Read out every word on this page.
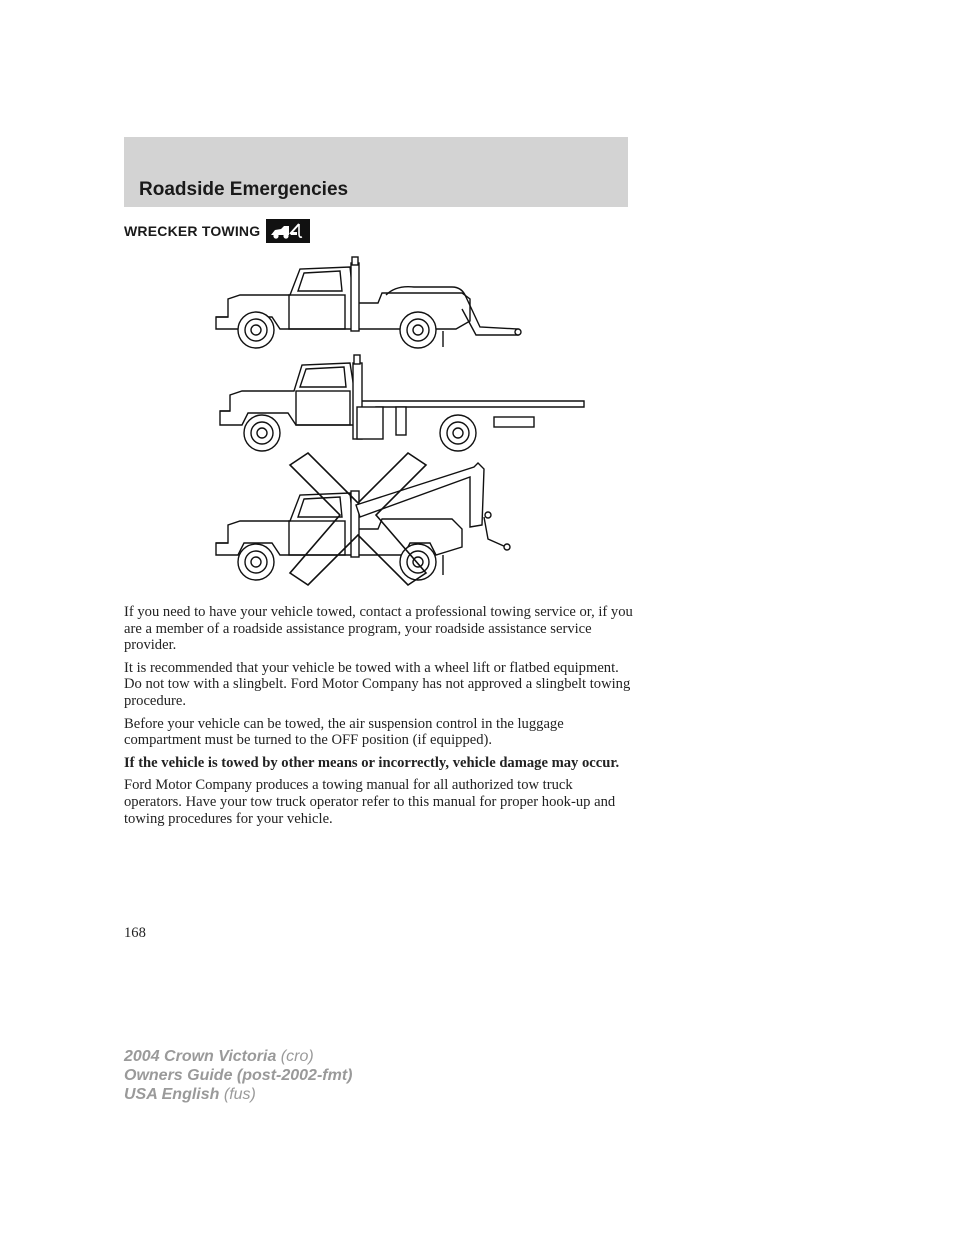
Roadside Emergencies
WRECKER TOWING

If you need to have your vehicle towed, contact a professional towing service or, if you are a member of a roadside assistance program, your roadside assistance service provider.

It is recommended that your vehicle be towed with a wheel lift or flatbed equipment. Do not tow with a slingbelt. Ford Motor Company has not approved a slingbelt towing procedure.

Before your vehicle can be towed, the air suspension control in the luggage compartment must be turned to the OFF position (if equipped).

If the vehicle is towed by other means or incorrectly, vehicle damage may occur.

Ford Motor Company produces a towing manual for all authorized tow truck operators. Have your tow truck operator refer to this manual for proper hook-up and towing procedures for your vehicle.

168
2004 Crown Victoria (cro)
Owners Guide (post-2002-fmt)
USA English (fus)
